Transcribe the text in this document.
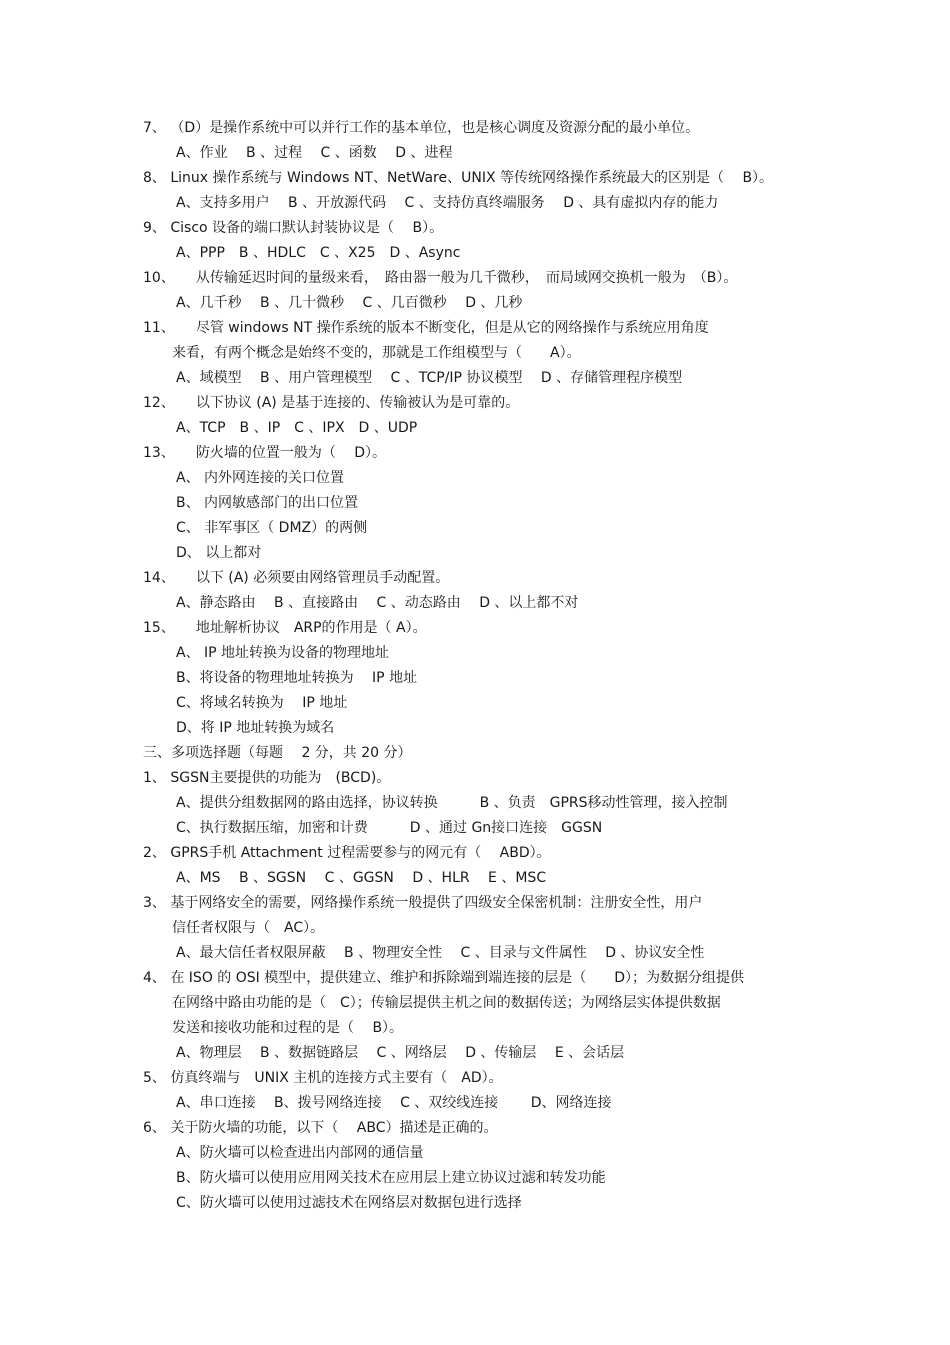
7、 （D）是操作系统中可以并行工作的基本单位，也是核心调度及资源分配的最小单位。
A、作业　 B 、过程　 C 、函数　 D 、进程
8、 Linux 操作系统与 Windows NT、NetWare、UNIX 等传统网络操作系统最大的区别是（　 B）。
A、支持多用户　 B 、开放源代码　 C 、支持仿真终端服务　 D 、具有虚拟内存的能力
9、 Cisco 设备的端口默认封装协议是（　 B）。
A、PPP　B 、HDLC　C 、X25　D 、Async
10、　　从传输延迟时间的量级来看，　路由器一般为几千微秒，　而局域网交换机一般为　（B）。
A、几千秒　 B 、几十微秒　 C 、几百微秒　 D 、几秒
11、　　尽管 windows NT 操作系统的版本不断变化，但是从它的网络操作与系统应用角度
来看，有两个概念是始终不变的，那就是工作组模型与（　　A）。
A、域模型　 B 、用户管理模型　 C 、TCP/IP 协议模型　 D 、存储管理程序模型
12、　　以下协议 (A) 是基于连接的、传输被认为是可靠的。
A、TCP　B 、IP　C 、IPX　D 、UDP
13、　　防火墙的位置一般为（　 D）。
A、 内外网连接的关口位置
B、 内网敏感部门的出口位置
C、 非军事区（ DMZ）的两侧
D、 以上都对
14、　　以下 (A) 必须要由网络管理员手动配置。
A、静态路由　 B 、直接路由　 C 、动态路由　 D 、以上都不对
15、　　地址解析协议　ARP的作用是（ A）。
A、 IP 地址转换为设备的物理地址
B、将设备的物理地址转换为　 IP 地址
C、将域名转换为　 IP 地址
D、将 IP 地址转换为域名
三、多项选择题（每题　 2 分，共 20 分）
1、 SGSN主要提供的功能为　(BCD)。
A、提供分组数据网的路由选择，协议转换　　　B 、负责　GPRS移动性管理，接入控制
C、执行数据压缩，加密和计费　　　D 、通过 Gn接口连接　GGSN
2、 GPRS手机 Attachment 过程需要参与的网元有（　 ABD）。
A、MS　 B 、SGSN　 C 、GGSN　 D 、HLR　 E 、MSC
3、 基于网络安全的需要，网络操作系统一般提供了四级安全保密机制：注册安全性，用户
信任者权限与（　AC）。
A、最大信任者权限屏蔽　 B 、物理安全性　 C 、目录与文件属性　 D 、协议安全性
4、 在 ISO 的 OSI 模型中，提供建立、维护和拆除端到端连接的层是（　　D）；为数据分组提供
在网络中路由功能的是（　C）；传输层提供主机之间的数据传送；为网络层实体提供数据
发送和接收功能和过程的是（　 B）。
A、物理层　 B 、数据链路层　 C 、网络层　 D 、传输层　 E 、会话层
5、 仿真终端与　UNIX 主机的连接方式主要有（　AD）。
A、串口连接　 B、拨号网络连接　 C 、双绞线连接　　 D、网络连接
6、 关于防火墙的功能，以下（　 ABC）描述是正确的。
A、防火墙可以检查进出内部网的通信量
B、防火墙可以使用应用网关技术在应用层上建立协议过滤和转发功能
C、防火墙可以使用过滤技术在网络层对数据包进行选择
